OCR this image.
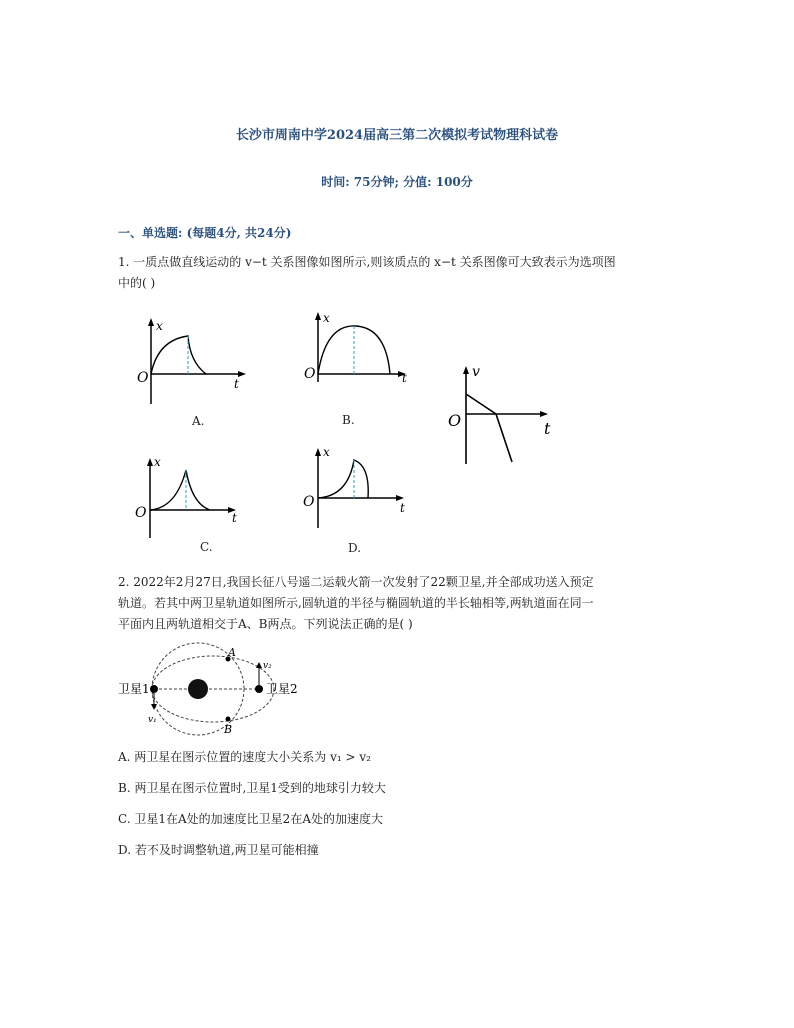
长沙市周南中学2024届高三第二次模拟考试物理科试卷
时间: 75分钟; 分值: 100分
一、单选题: (每题4分, 共24分)
1. 一质点做直线运动的 v−t 关系图像如图所示,则该质点的 x−t 关系图像可大致表示为选项图
中的( )
x
O	t
A.
x
O	t
B.
v
O	t
x
O	t
C.
x
O	t
D.
2. 2022年2月27日,我国长征八号遥二运载火箭一次发射了22颗卫星,并全部成功送入预定
轨道。若其中两卫星轨道如图所示,圆轨道的半径与椭圆轨道的半长轴相等,两轨道面在同一
平面内且两轨道相交于A、B两点。下列说法正确的是( )
A
B
v₁
v₂
卫星1	卫星2
A. 两卫星在图示位置的速度大小关系为 v₁ > v₂
B. 两卫星在图示位置时,卫星1受到的地球引力较大
C. 卫星1在A处的加速度比卫星2在A处的加速度大
D. 若不及时调整轨道,两卫星可能相撞
